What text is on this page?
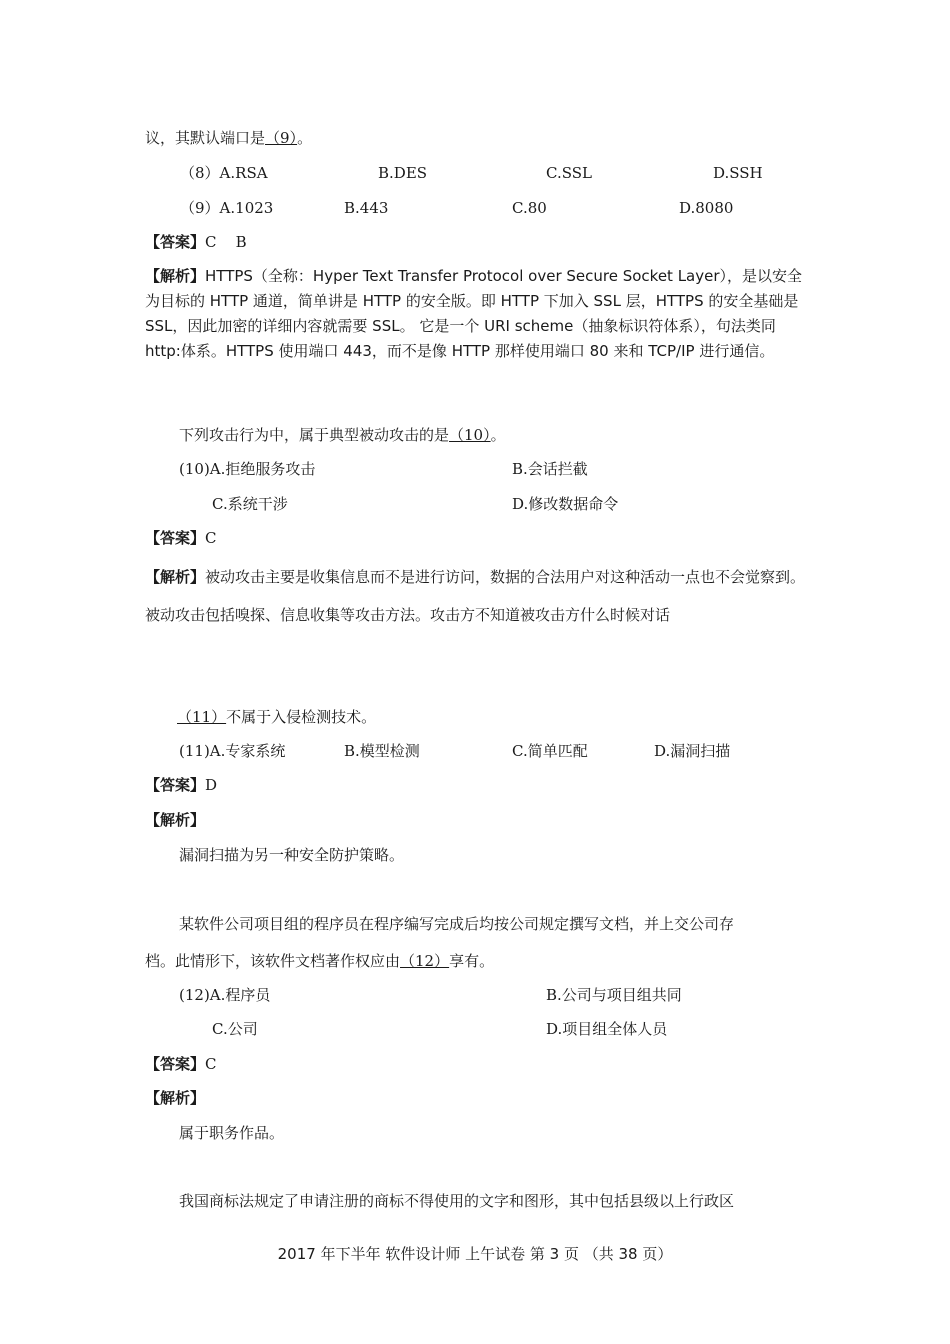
议，其默认端口是（9）。
（8）A.RSA	B.DES	C.SSL	D.SSH
（9）A.1023	B.443	C.80	D.8080
【答案】C    B
【解析】HTTPS（全称：Hyper Text Transfer Protocol over Secure Socket Layer），是以安全为目标的 HTTP 通道，简单讲是 HTTP 的安全版。即 HTTP 下加入 SSL 层，HTTPS 的安全基础是 SSL，因此加密的详细内容就需要 SSL。 它是一个 URI scheme（抽象标识符体系），句法类同 http:体系。HTTPS 使用端口 443，而不是像 HTTP 那样使用端口 80 来和 TCP/IP 进行通信。
下列攻击行为中，属于典型被动攻击的是（10）。
(10)A.拒绝服务攻击	B.会话拦截
C.系统干涉	D.修改数据命令
【答案】C
【解析】被动攻击主要是收集信息而不是进行访问，数据的合法用户对这种活动一点也不会觉察到。被动攻击包括嗅探、信息收集等攻击方法。攻击方不知道被攻击方什么时候对话
（11）不属于入侵检测技术。
(11)A.专家系统	B.模型检测	C.简单匹配	D.漏洞扫描
【答案】D
【解析】
漏洞扫描为另一种安全防护策略。
某软件公司项目组的程序员在程序编写完成后均按公司规定撰写文档，并上交公司存
档。此情形下，该软件文档著作权应由（12）享有。
(12)A.程序员	B.公司与项目组共同
C.公司	D.项目组全体人员
【答案】C
【解析】
属于职务作品。
我国商标法规定了申请注册的商标不得使用的文字和图形，其中包括县级以上行政区
2017 年下半年 软件设计师 上午试卷 第 3 页 （共 38 页）
